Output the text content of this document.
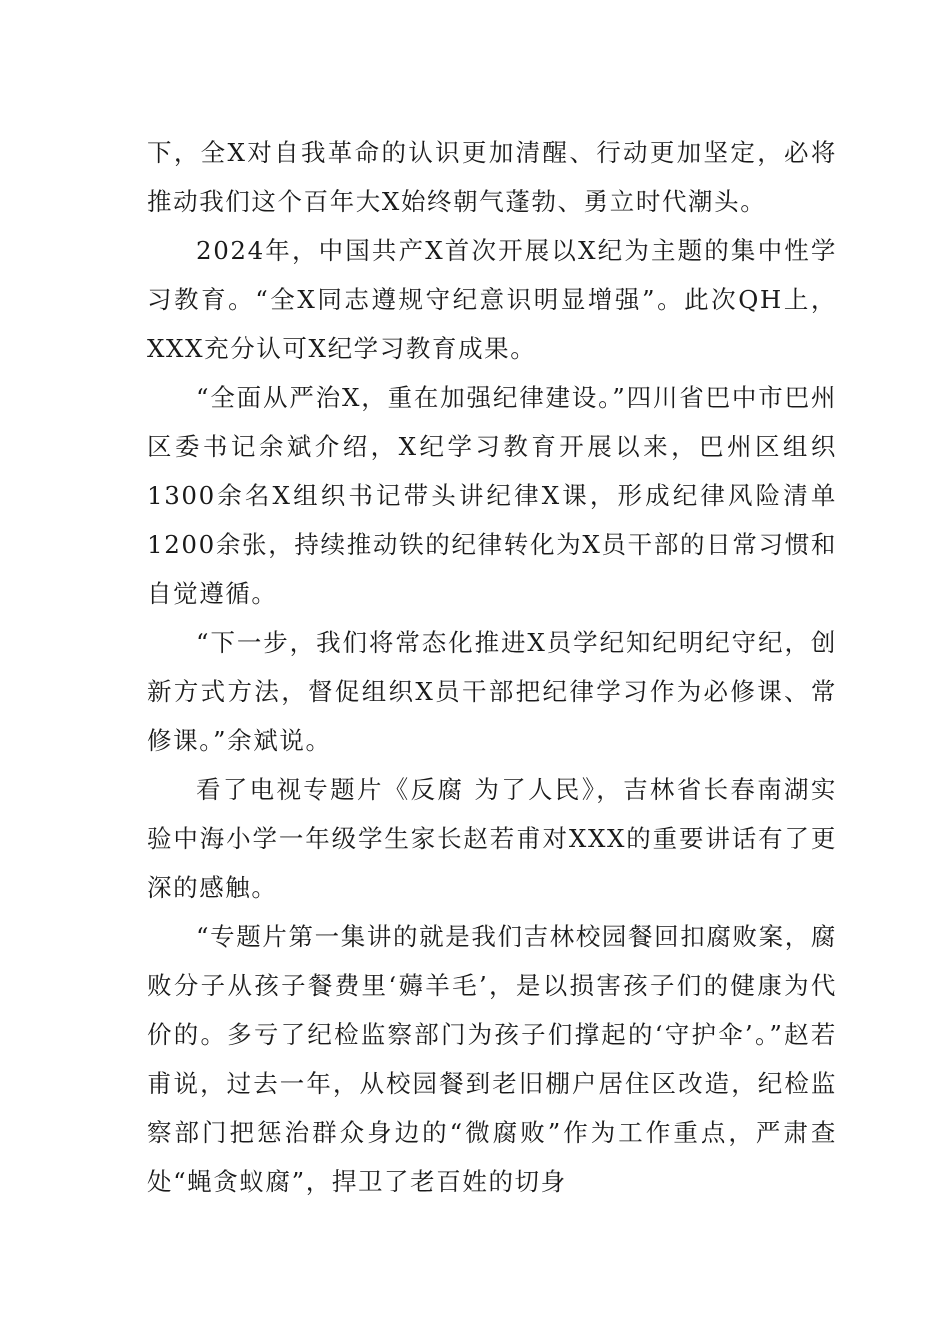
下，全X对自我革命的认识更加清醒、行动更加坚定，必将推动我们这个百年大X始终朝气蓬勃、勇立时代潮头。

2024年，中国共产X首次开展以X纪为主题的集中性学习教育。“全X同志遵规守纪意识明显增强”。此次QH上，XXX充分认可X纪学习教育成果。

“全面从严治X，重在加强纪律建设。”四川省巴中市巴州区委书记余斌介绍，X纪学习教育开展以来，巴州区组织1300余名X组织书记带头讲纪律X课，形成纪律风险清单1200余张，持续推动铁的纪律转化为X员干部的日常习惯和自觉遵循。

“下一步，我们将常态化推进X员学纪知纪明纪守纪，创新方式方法，督促组织X员干部把纪律学习作为必修课、常修课。”余斌说。

看了电视专题片《反腐 为了人民》，吉林省长春南湖实验中海小学一年级学生家长赵若甫对XXX的重要讲话有了更深的感触。

“专题片第一集讲的就是我们吉林校园餐回扣腐败案，腐败分子从孩子餐费里‘薅羊毛’，是以损害孩子们的健康为代价的。多亏了纪检监察部门为孩子们撑起的‘守护伞’。”赵若甫说，过去一年，从校园餐到老旧棚户居住区改造，纪检监察部门把惩治群众身边的“微腐败”作为工作重点，严肃查处“蝇贪蚁腐”，捍卫了老百姓的切身
